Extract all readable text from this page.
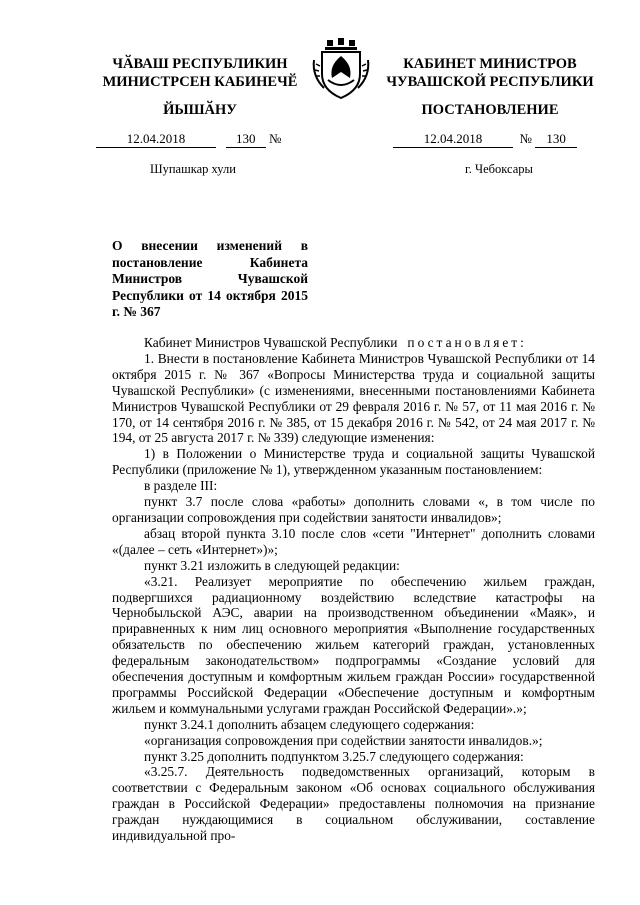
ЧӐВАШ РЕСПУБЛИКИН
МИНИСТРСЕН КАБИНЕЧӖ
ЙЫШӐНУ
КАБИНЕТ МИНИСТРОВ
ЧУВАШСКОЙ РЕСПУБЛИКИ
ПОСТАНОВЛЕНИЕ
12.04.2018	130 №	12.04.2018	№ 130
Шупашкар хули	г. Чебоксары
О внесении изменений в постановление Кабинета Министров Чувашской Республики от 14 октября 2015 г. № 367

Кабинет Министров Чувашской Республики постановляет:

1. Внести в постановление Кабинета Министров Чувашской Республики от 14 октября 2015 г. № 367 «Вопросы Министерства труда и социальной защиты Чувашской Республики» (с изменениями, внесенными постановлениями Кабинета Министров Чувашской Республики от 29 февраля 2016 г. № 57, от 11 мая 2016 г. № 170, от 14 сентября 2016 г. № 385, от 15 декабря 2016 г. № 542, от 24 мая 2017 г. № 194, от 25 августа 2017 г. № 339) следующие изменения:

1) в Положении о Министерстве труда и социальной защиты Чувашской Республики (приложение № 1), утвержденном указанным постановлением:

в разделе III:

пункт 3.7 после слова «работы» дополнить словами «, в том числе по организации сопровождения при содействии занятости инвалидов»;

абзац второй пункта 3.10 после слов «сети "Интернет" дополнить словами «(далее – сеть «Интернет»)»;

пункт 3.21 изложить в следующей редакции:

«3.21. Реализует мероприятие по обеспечению жильем граждан, подвергшихся радиационному воздействию вследствие катастрофы на Чернобыльской АЭС, аварии на производственном объединении «Маяк», и приравненных к ним лиц основного мероприятия «Выполнение государственных обязательств по обеспечению жильем категорий граждан, установленных федеральным законодательством» подпрограммы «Создание условий для обеспечения доступным и комфортным жильем граждан России» государственной программы Российской Федерации «Обеспечение доступным и комфортным жильем и коммунальными услугами граждан Российской Федерации».»;

пункт 3.24.1 дополнить абзацем следующего содержания:

«организация сопровождения при содействии занятости инвалидов.»;

пункт 3.25 дополнить подпунктом 3.25.7 следующего содержания:

«3.25.7. Деятельность подведомственных организаций, которым в соответствии с Федеральным законом «Об основах социального обслуживания граждан в Российской Федерации» предоставлены полномочия на признание граждан нуждающимися в социальном обслуживании, составление индивидуальной про-
